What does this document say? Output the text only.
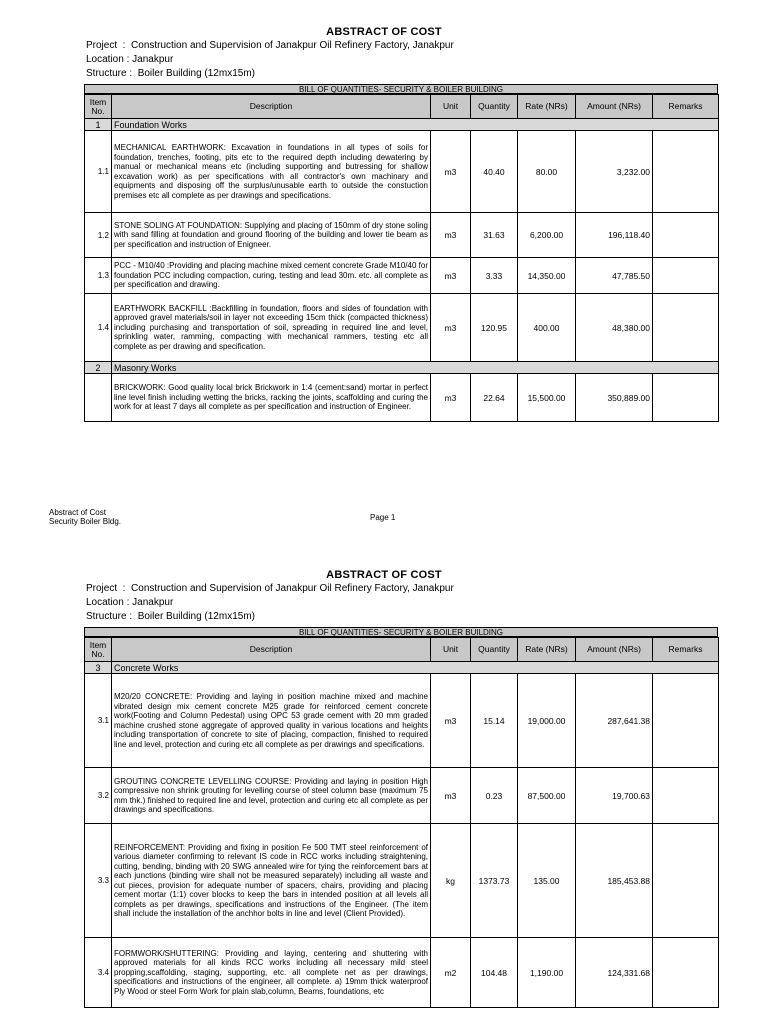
ABSTRACT OF COST
Project  :  Construction and Supervision of Janakpur Oil Refinery Factory, Janakpur
Location : Janakpur
Structure :  Boiler Building (12mx15m)
BILL OF QUANTITIES- SECURITY & BOILER BUILDING
Item No.	Description	Unit	Quantity	Rate (NRs)	Amount (NRs)	Remarks
1	Foundation Works					
1.1	MECHANICAL EARTHWORK: Excavation in foundations in all types of soils for foundation, trenches, footing, pits etc to the required depth including dewatering by manual or mechanical means etc (including supporting and butressing for shallow excavation work) as per specifications with all contractor's own machinary and equipments and disposing off the surplus/unusable earth to outside the constuction premises etc all complete as per drawings and specifications.	m3	40.40	80.00	3,232.00	
1.2	STONE SOLING AT FOUNDATION: Supplying and placing of 150mm of dry stone soling with sand filling at foundation and ground flooring of the building and lower tie beam as per specification and instruction of Enigneer.	m3	31.63	6,200.00	196,118.40	
1.3	PCC - M10/40 :Providing and placing machine mixed cement concrete Grade M10/40 for foundation PCC including compaction, curing, testing and lead 30m. etc. all complete as per specification and drawing.	m3	3.33	14,350.00	47,785.50	
1.4	EARTHWORK BACKFILL :Backfilling in foundation, floors and sides of foundation with approved gravel materials/soil in layer not exceeding 15cm thick (compacted thickness) including purchasing and transportation of soil, spreading in required line and level, sprinkling water, ramming, compacting with mechanical rammers, testing etc all complete as per drawing and specification.	m3	120.95	400.00	48,380.00	
2	Masonry Works					
	BRICKWORK: Good quality local brick Brickwork in 1:4 (cement:sand) mortar in perfect line level finish including wetting the bricks, racking the joints, scaffolding and curing the work for at least 7 days all complete as per specification and instruction of Engineer.	m3	22.64	15,500.00	350,889.00	
Abstract of Cost
Security Boiler Bldg.	Page 1
ABSTRACT OF COST
Project  :  Construction and Supervision of Janakpur Oil Refinery Factory, Janakpur
Location : Janakpur
Structure :  Boiler Building (12mx15m)
BILL OF QUANTITIES- SECURITY & BOILER BUILDING
Item No.	Description	Unit	Quantity	Rate (NRs)	Amount (NRs)	Remarks
3	Concrete Works					
3.1	M20/20 CONCRETE: Providing and laying in position machine mixed and machine vibrated design mix cement concrete M25 grade for reinforced cement concrete work(Footing and Column Pedestal) using OPC 53 grade cement with 20 mm graded machine crushed stone aggregate of approved quality in various locations and heights including transportation of concrete to site of placing, compaction, finished to required line and level, protection and curing etc all complete as per drawings and specifications.	m3	15.14	19,000.00	287,641.38	
3.2	GROUTING CONCRETE LEVELLING COURSE: Providing and laying in position High compressive non shrink grouting for levelling course of steel column base (maximum 75 mm thk.) finished to required line and level, protection and curing etc all complete as per drawings and specifications.	m3	0.23	87,500.00	19,700.63	
3.3	REINFORCEMENT: Providing and fixing in position Fe 500 TMT steel reinforcement of various diameter confirming to relevant IS code in RCC works including straightening, cutting, bending, binding with 20 SWG annealed wire for tying the reinforcement bars at each junctions (binding wire shall not be measured separately) including all waste and cut pieces, provision for adequate number of spacers, chairs, providing and placing cement mortar (1:1) cover blocks to keep the bars in intended position at all levels all complets as per drawings, specifications and instructions of the Engineer. (The item shall include the installation of the anchhor bolts in line and level (Client Provided).	kg	1373.73	135.00	185,453.88	
3.4	FORMWORK/SHUTTERING: Providing and laying, centering and shuttering with approved materials for all kinds RCC works including all necessary mild steel propping,scaffolding, staging, supporting, etc. all complete net as per drawings, specifications and instructions of the engineer, all complete. a) 19mm thick waterproof Ply Wood or steel Form Work for plain slab,column, Beams, foundations, etc	m2	104.48	1,190.00	124,331.68	
